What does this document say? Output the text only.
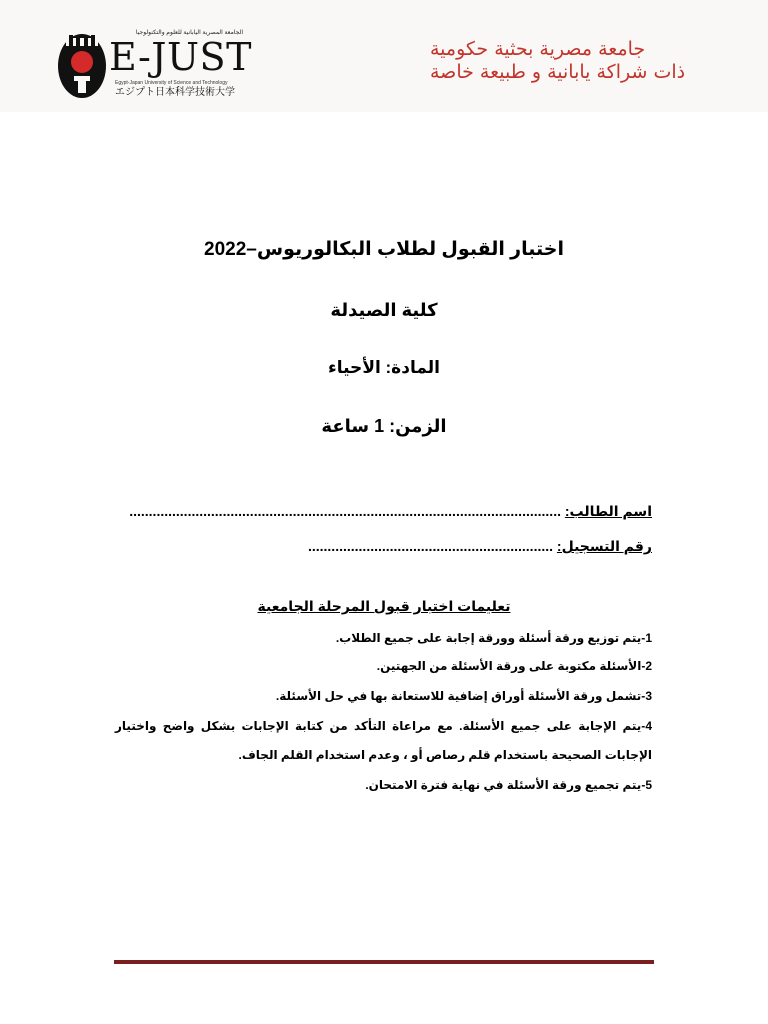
الجامعة المصرية اليابانية للعلوم والتكنولوجيا
E-JUST
Egypt-Japan University of Science and Technology
エジプト日本科学技術大学
جامعة مصرية بحثية حكومية
ذات شراكة يابانية و طبيعة خاصة
اختبار القبول لطلاب البكالوريوس–2022
كلية الصيدلة
المادة: الأحياء
الزمن: 1 ساعة
اسم الطالب: ...............................................................................................................
رقم التسجيل: ...............................................................
تعليمات اختبار قبول المرحلة الجامعية
1-يتم توزيع ورقة أسئلة وورقة إجابة على جميع الطلاب.
2-الأسئلة مكتوبة على ورقة الأسئلة من الجهتين.
3-تشمل ورقة الأسئلة أوراق إضافية للاستعانة بها في حل الأسئلة.
4-يتم الإجابة على جميع الأسئلة. مع مراعاة التأكد من كتابة الإجابات بشكل واضح واختيار
الإجابات الصحيحة باستخدام قلم رصاص أو ، وعدم استخدام القلم الجاف.
5-يتم تجميع ورقة الأسئلة في نهاية فترة الامتحان.
